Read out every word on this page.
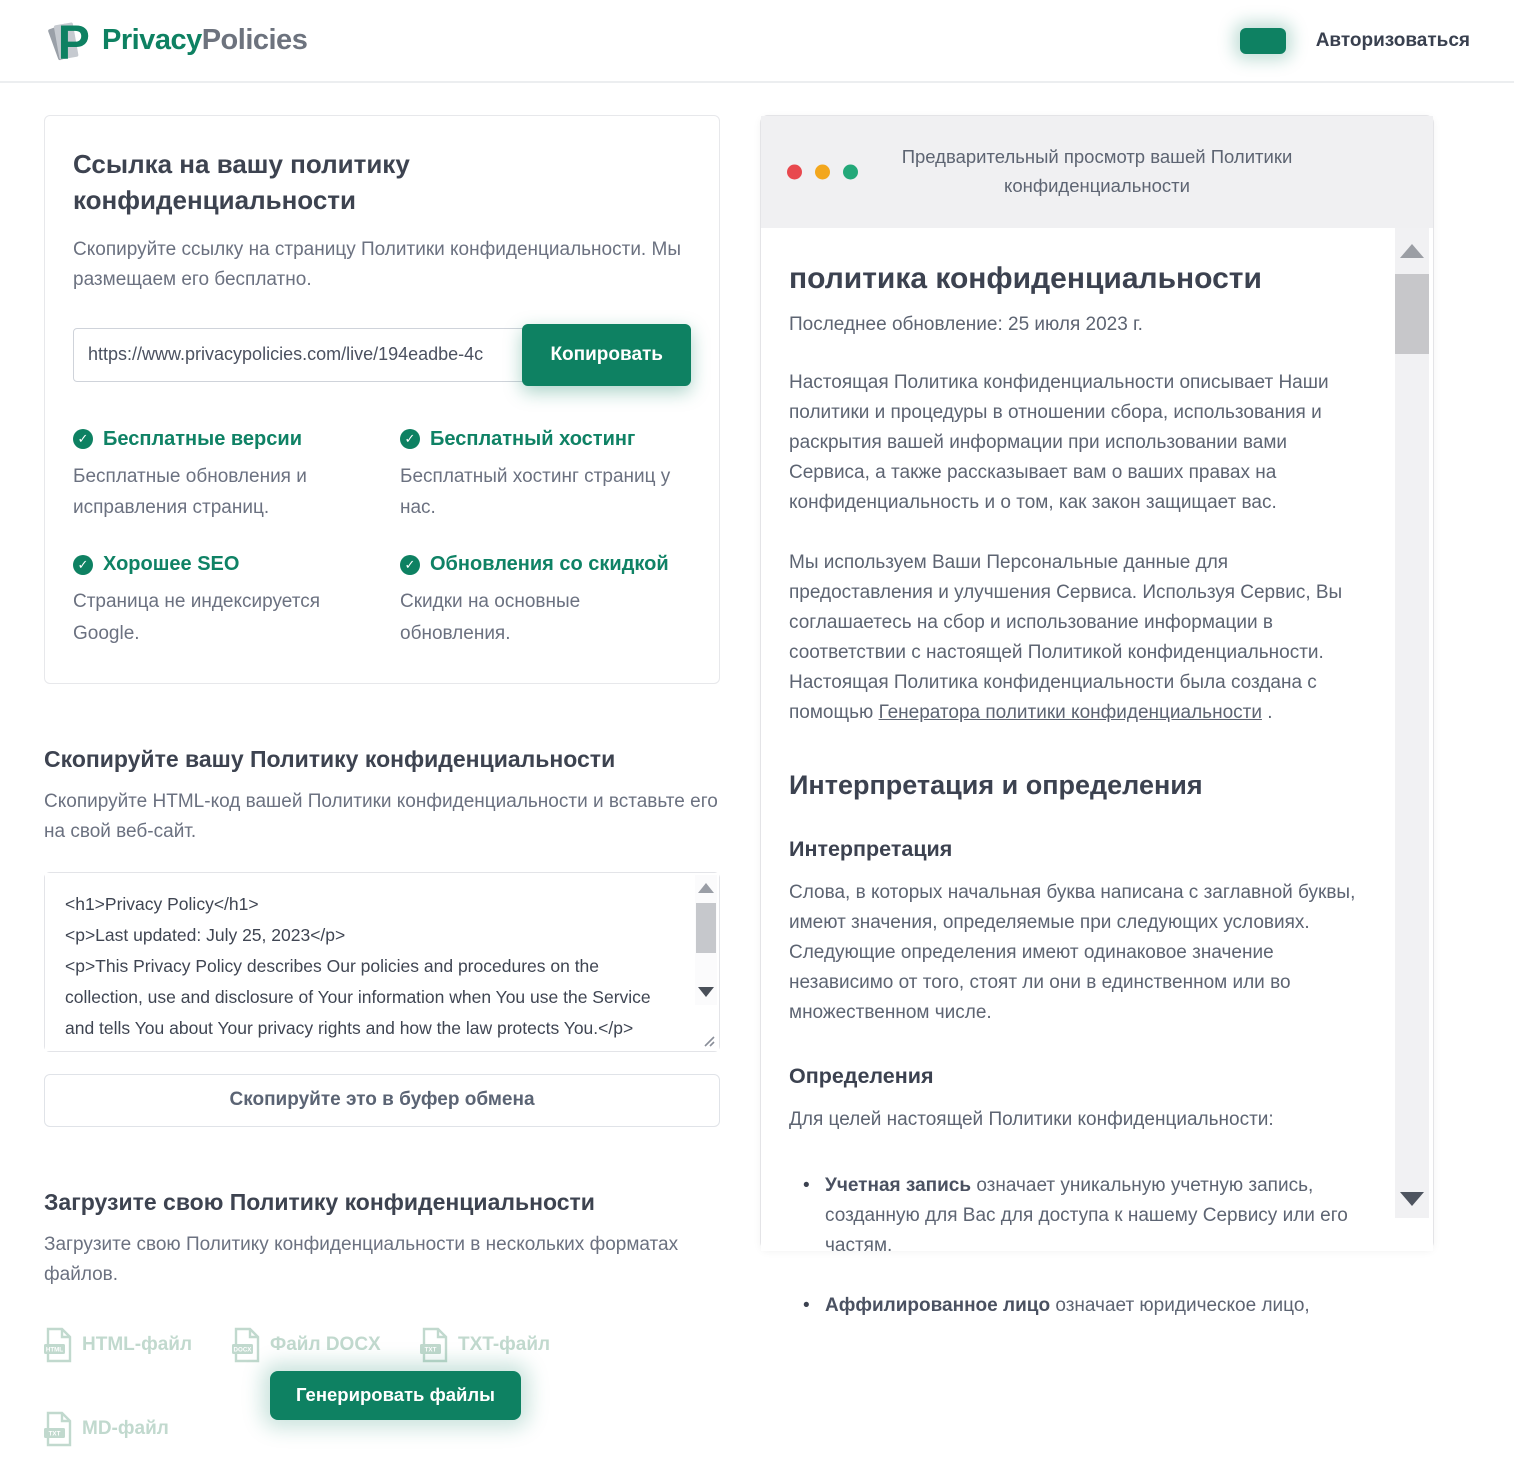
P PrivacyPolicies	Авторизоваться
Ссылка на вашу политику конфиденциальности

Скопируйте ссылку на страницу Политики конфиденциальности. Мы размещаем его бесплатно.

https://www.privacypolicies.com/live/194eadbe-4c
Копировать
✓ Бесплатные версии
Бесплатные обновления и исправления страниц.
✓ Бесплатный хостинг
Бесплатный хостинг страниц у нас.
✓ Хорошее SEO
Страница не индексируется Google.
✓ Обновления со скидкой
Скидки на основные обновления.
Скопируйте вашу Политику конфиденциальности

Скопируйте HTML-код вашей Политики конфиденциальности и вставьте его на свой веб-сайт.

<h1>Privacy Policy</h1> <p>Last updated: July 25, 2023</p> <p>This Privacy Policy describes Our policies and procedures on the collection, use and disclosure of Your information when You use the Service and tells You about Your privacy rights and how the law protects You.</p>
Скопируйте это в буфер обмена
Загрузите свою Политику конфиденциальности

Загрузите свою Политику конфиденциальности в нескольких форматах файлов.

HTML HTML-файл	DOCX Файл DOCX	TXT TXT-файл
TXT MD-файл
Генерировать файлы
Предварительный просмотр вашей Политики конфиденциальности
политика конфиденциальности

Последнее обновление: 25 июля 2023 г.

Настоящая Политика конфиденциальности описывает Наши политики и процедуры в отношении сбора, использования и раскрытия вашей информации при использовании вами Сервиса, а также рассказывает вам о ваших правах на конфиденциальность и о том, как закон защищает вас.

Мы используем Ваши Персональные данные для предоставления и улучшения Сервиса. Используя Сервис, Вы соглашаетесь на сбор и использование информации в соответствии с настоящей Политикой конфиденциальности. Настоящая Политика конфиденциальности была создана с помощью Генератора политики конфиденциальности .

Интерпретация и определения
Интерпретация

Слова, в которых начальная буква написана с заглавной буквы, имеют значения, определяемые при следующих условиях. Следующие определения имеют одинаковое значение независимо от того, стоят ли они в единственном или во множественном числе.

Определения

Для целей настоящей Политики конфиденциальности:

• Учетная запись означает уникальную учетную запись, созданную для Вас для доступа к нашему Сервису или его частям.
• Аффилированное лицо означает юридическое лицо,
